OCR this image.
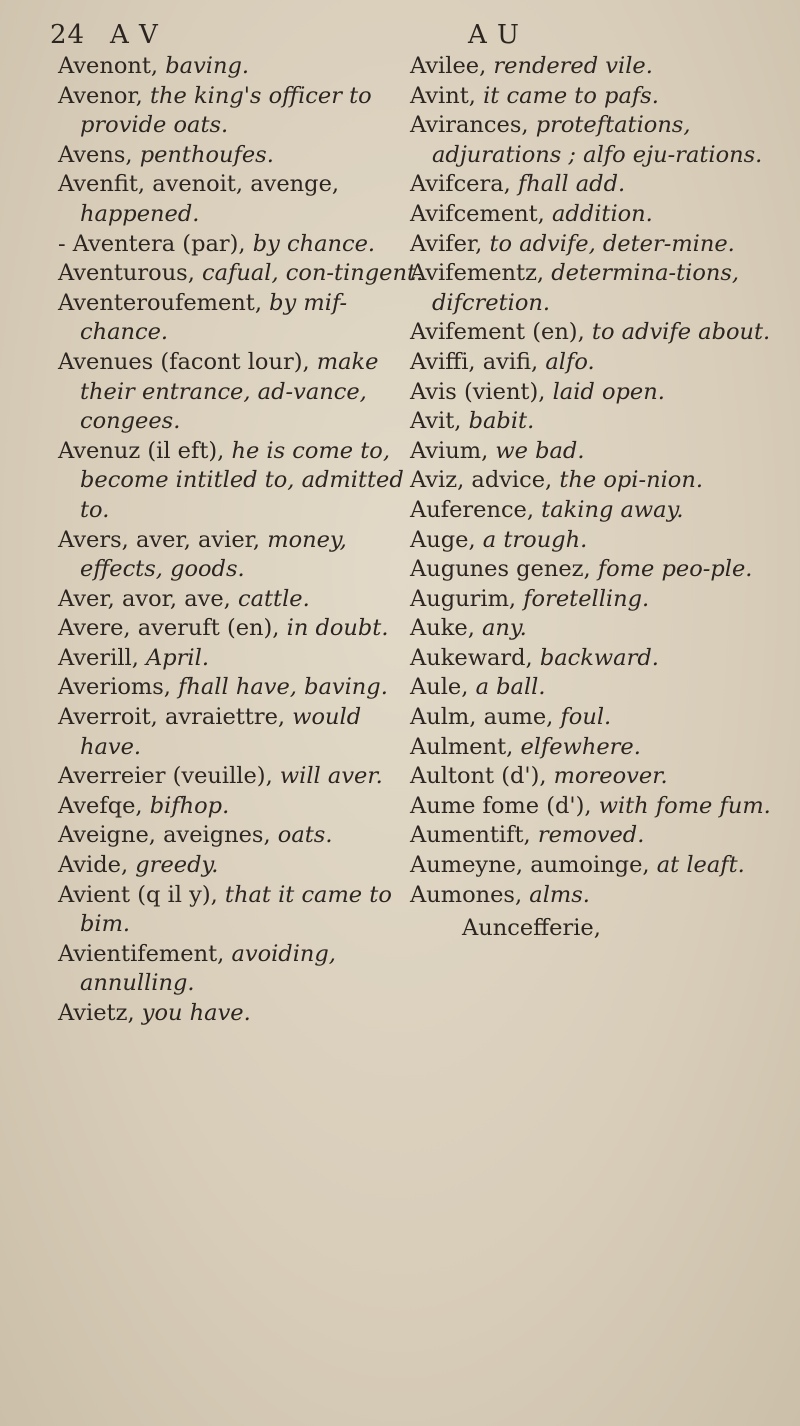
24 A V	A U

Avenont, baving.

Avenor, the king's officer to provide oats.

Avens, penthoufes.

Avenfit, avenoit, avenge, happened.

- Aventera (par), by chance.

Aventurous, cafual, con-tingent.

Aventeroufement, by mif-chance.

Avenues (facont lour), make their entrance, ad-vance, congees.

Avenuz (il eft), he is come to, become intitled to, admitted to.

Avers, aver, avier, money, effects, goods.

Aver, avor, ave, cattle.

Avere, averuft (en), in doubt.

Averill, April.

Averioms, fhall have, baving.

Averroit, avraiettre, would have.

Averreier (veuille), will aver.

Avefqe, bifhop.

Aveigne, aveignes, oats.

Avide, greedy.

Avient (q il y), that it came to bim.

Avientifement, avoiding, annulling.

Avietz, you have.

Avilee, rendered vile.

Avint, it came to pafs.

Avirances, proteftations, adjurations ; alfo eju-rations.

Avifcera, fhall add.

Avifcement, addition.

Avifer, to advife, deter-mine.

Avifementz, determina-tions, difcretion.

Avifement (en), to advife about.

Aviffi, avifi, alfo.

Avis (vient), laid open.

Avit, babit.

Avium, we bad.

Aviz, advice, the opi-nion.

Auference, taking away.

Auge, a trough.

Augunes genez, fome peo-ple.

Augurim, foretelling.

Auke, any.

Aukeward, backward.

Aule, a ball.

Aulm, aume, foul.

Aulment, elfewhere.

Aultont (d'), moreover.

Aume fome (d'), with fome fum.

Aumentift, removed.

Aumeyne, aumoinge, at leaft.

Aumones, alms.

Auncefferie,
